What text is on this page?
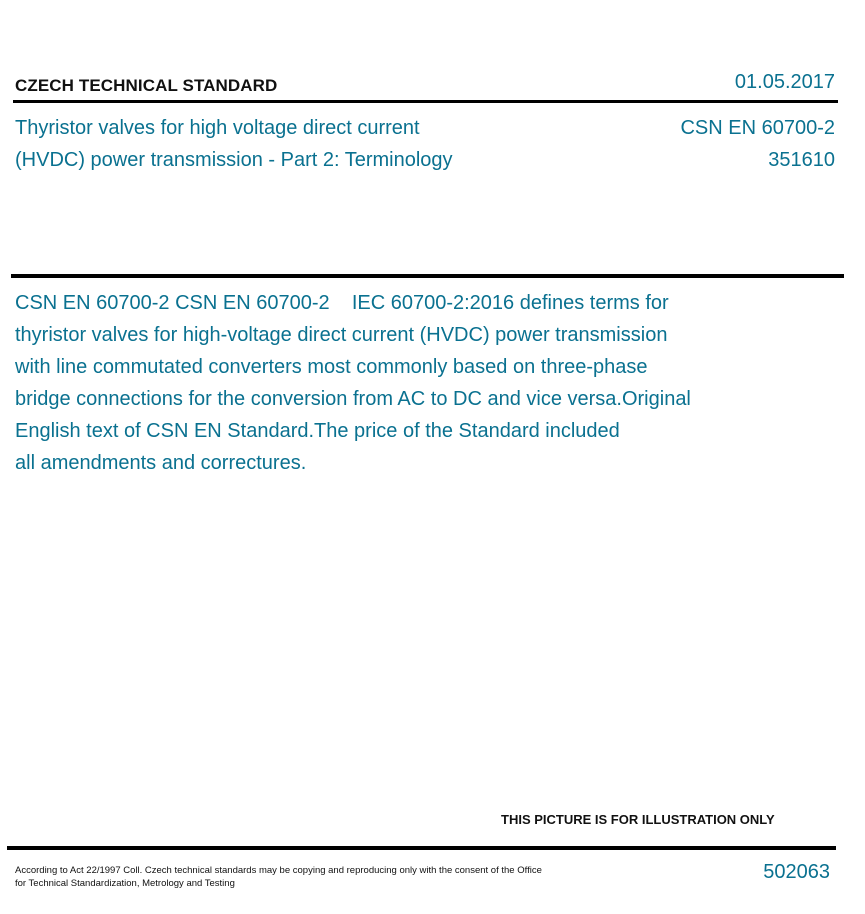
CZECH TECHNICAL STANDARD	01.05.2017
Thyristor valves for high voltage direct current
(HVDC) power transmission - Part 2: Terminology
CSN EN 60700-2
351610

CSN EN 60700-2 CSN EN 60700-2    IEC 60700-2:2016 defines terms for

thyristor valves for high-voltage direct current (HVDC) power transmission

with line commutated converters most commonly based on three-phase

bridge connections for the conversion from AC to DC and vice versa.Original

English text of CSN EN Standard.The price of the Standard included

all amendments and correctures.

THIS PICTURE IS FOR ILLUSTRATION ONLY

According to Act 22/1997 Coll. Czech technical standards may be copying and reproducing only with the consent of the Office

for Technical Standardization, Metrology and Testing

502063
